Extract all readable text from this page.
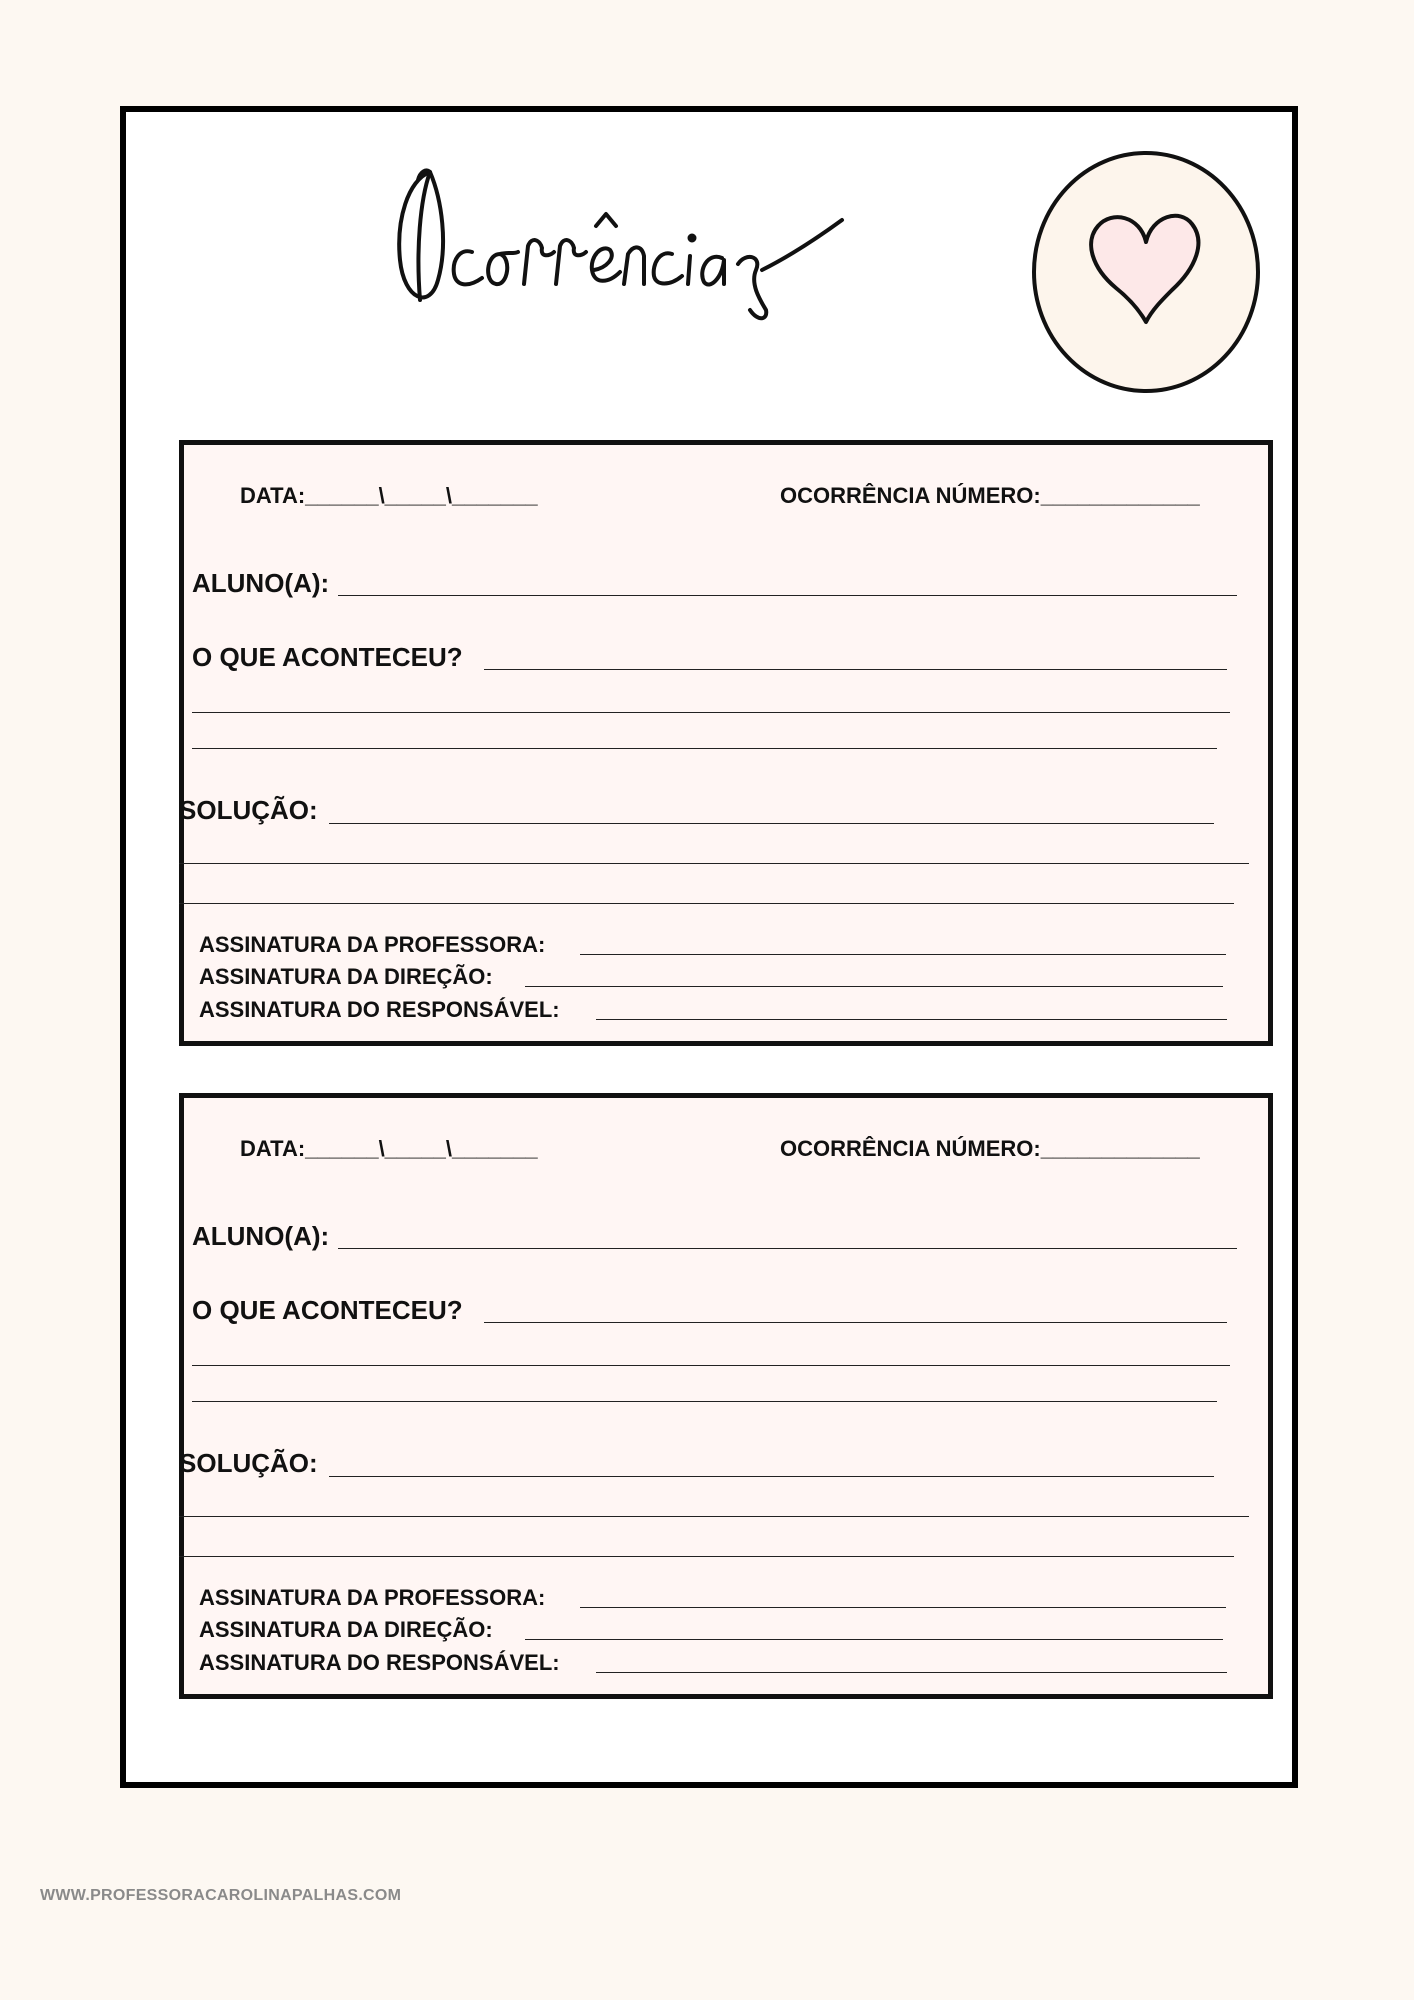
DATA:______\_____\_______	OCORRÊNCIA NÚMERO:_____________
ALUNO(A):
O QUE ACONTECEU?
SOLUÇÃO:
ASSINATURA DA PROFESSORA:
ASSINATURA DA DIREÇÃO:
ASSINATURA DO RESPONSÁVEL:
DATA:______\_____\_______	OCORRÊNCIA NÚMERO:_____________
ALUNO(A):
O QUE ACONTECEU?
SOLUÇÃO:
ASSINATURA DA PROFESSORA:
ASSINATURA DA DIREÇÃO:
ASSINATURA DO RESPONSÁVEL:
WWW.PROFESSORACAROLINAPALHAS.COM
